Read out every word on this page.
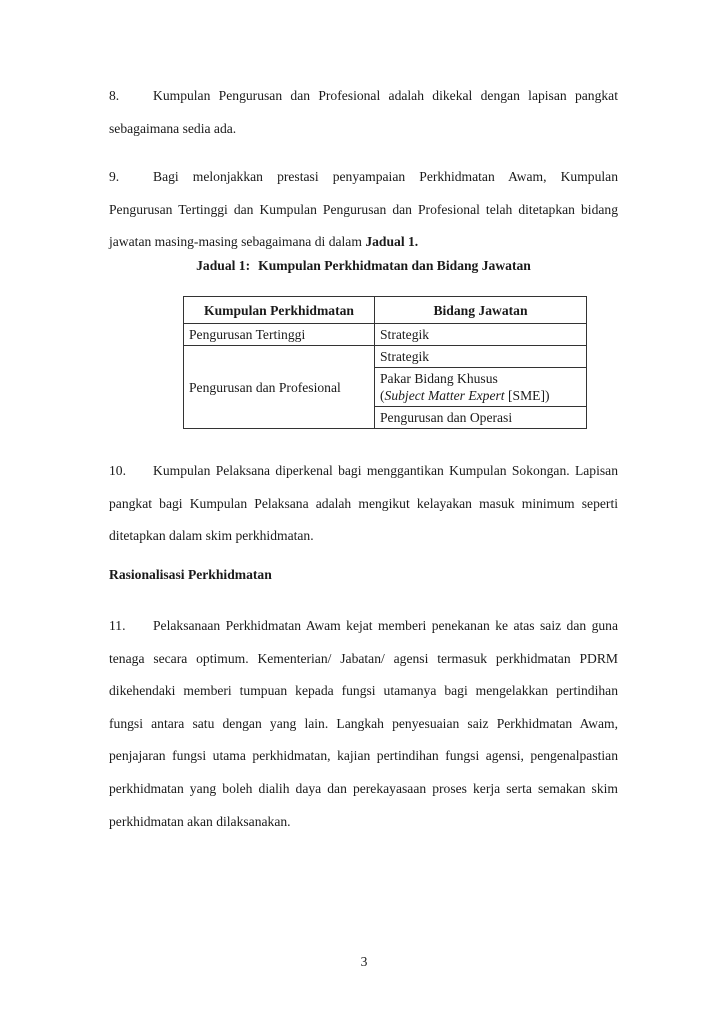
8. Kumpulan Pengurusan dan Profesional adalah dikekal dengan lapisan pangkat sebagaimana sedia ada.

9. Bagi melonjakkan prestasi penyampaian Perkhidmatan Awam, Kumpulan Pengurusan Tertinggi dan Kumpulan Pengurusan dan Profesional telah ditetapkan bidang jawatan masing-masing sebagaimana di dalam Jadual 1.

Jadual 1: Kumpulan Perkhidmatan dan Bidang Jawatan
Kumpulan Perkhidmatan	Bidang Jawatan
Pengurusan Tertinggi	Strategik
Pengurusan dan Profesional	Strategik
	Pakar Bidang Khusus
(Subject Matter Expert [SME])
	Pengurusan dan Operasi

10. Kumpulan Pelaksana diperkenal bagi menggantikan Kumpulan Sokongan. Lapisan pangkat bagi Kumpulan Pelaksana adalah mengikut kelayakan masuk minimum seperti ditetapkan dalam skim perkhidmatan.

Rasionalisasi Perkhidmatan

11. Pelaksanaan Perkhidmatan Awam kejat memberi penekanan ke atas saiz dan guna tenaga secara optimum. Kementerian/ Jabatan/ agensi termasuk perkhidmatan PDRM dikehendaki memberi tumpuan kepada fungsi utamanya bagi mengelakkan pertindihan fungsi antara satu dengan yang lain. Langkah penyesuaian saiz Perkhidmatan Awam, penjajaran fungsi utama perkhidmatan, kajian pertindihan fungsi agensi, pengenalpastian perkhidmatan yang boleh dialih daya dan perekayasaan proses kerja serta semakan skim perkhidmatan akan dilaksanakan.

3
